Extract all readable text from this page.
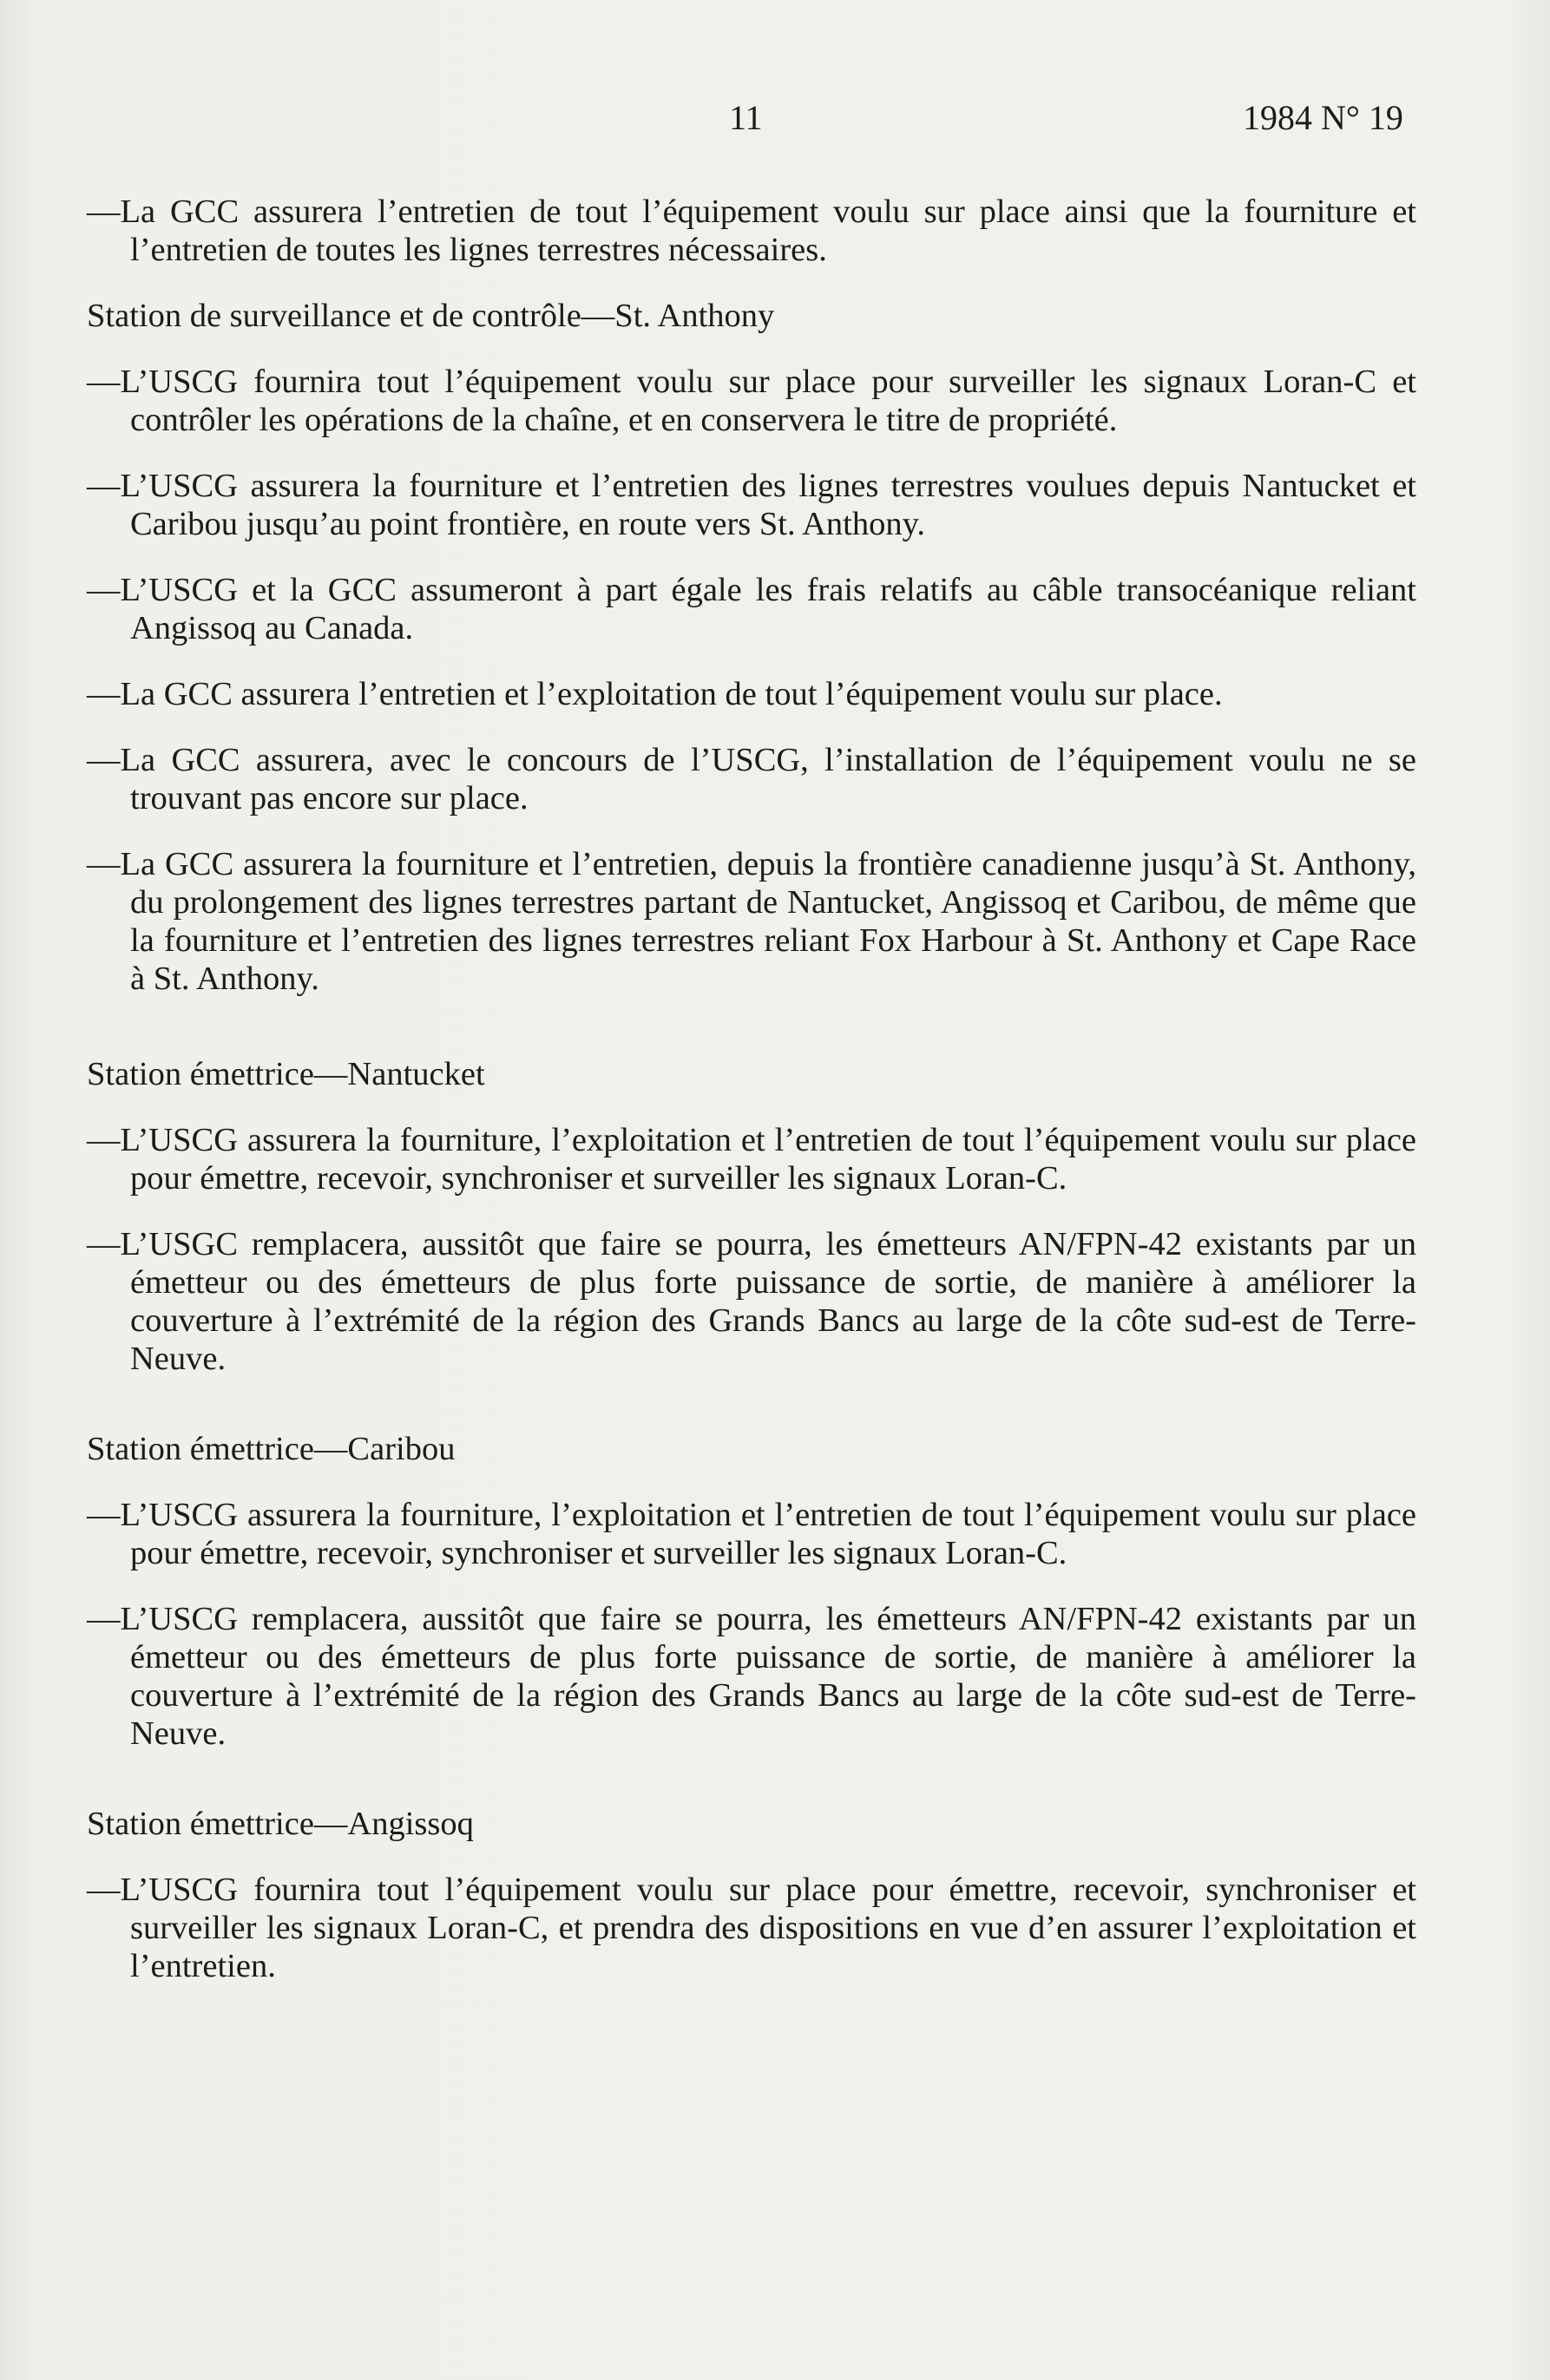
11	1984 N° 19

—La GCC assurera l’entretien de tout l’équipement voulu sur place ainsi que la fourniture et l’entretien de toutes les lignes terrestres nécessaires.

Station de surveillance et de contrôle—St. Anthony

—L’USCG fournira tout l’équipement voulu sur place pour surveiller les signaux Loran-C et contrôler les opérations de la chaîne, et en conservera le titre de propriété.

—L’USCG assurera la fourniture et l’entretien des lignes terrestres voulues depuis Nantucket et Caribou jusqu’au point frontière, en route vers St. Anthony.

—L’USCG et la GCC assumeront à part égale les frais relatifs au câble transocéanique reliant Angissoq au Canada.

—La GCC assurera l’entretien et l’exploitation de tout l’équipement voulu sur place.

—La GCC assurera, avec le concours de l’USCG, l’installation de l’équipement voulu ne se trouvant pas encore sur place.

—La GCC assurera la fourniture et l’entretien, depuis la frontière canadienne jusqu’à St. Anthony, du prolongement des lignes terrestres partant de Nantucket, Angissoq et Caribou, de même que la fourniture et l’entretien des lignes terrestres reliant Fox Harbour à St. Anthony et Cape Race à St. Anthony.

Station émettrice—Nantucket

—L’USCG assurera la fourniture, l’exploitation et l’entretien de tout l’équipement voulu sur place pour émettre, recevoir, synchroniser et surveiller les signaux Loran-C.

—L’USGC remplacera, aussitôt que faire se pourra, les émetteurs AN/FPN-42 existants par un émetteur ou des émetteurs de plus forte puissance de sortie, de manière à améliorer la couverture à l’extrémité de la région des Grands Bancs au large de la côte sud-est de Terre-Neuve.

Station émettrice—Caribou

—L’USCG assurera la fourniture, l’exploitation et l’entretien de tout l’équipement voulu sur place pour émettre, recevoir, synchroniser et surveiller les signaux Loran-C.

—L’USCG remplacera, aussitôt que faire se pourra, les émetteurs AN/FPN-42 existants par un émetteur ou des émetteurs de plus forte puissance de sortie, de manière à améliorer la couverture à l’extrémité de la région des Grands Bancs au large de la côte sud-est de Terre-Neuve.

Station émettrice—Angissoq

—L’USCG fournira tout l’équipement voulu sur place pour émettre, recevoir, synchroniser et surveiller les signaux Loran-C, et prendra des dispositions en vue d’en assurer l’exploitation et l’entretien.
